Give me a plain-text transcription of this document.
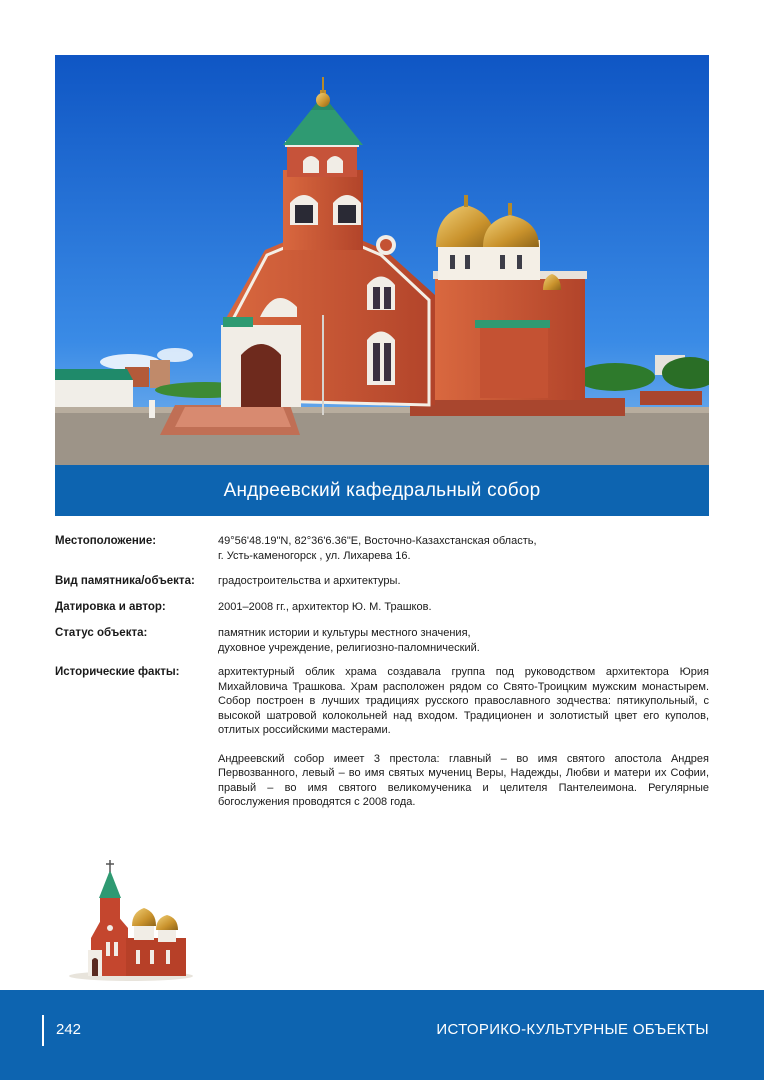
Андреевский кафедральный собор
Местоположение:	49°56'48.19"N, 82°36'6.36"E, Восточно-Казахстанская область,
г. Усть-каменогорск , ул. Лихарева 16.
Вид памятника/объекта:	градостроительства и архитектуры.
Датировка и автор:	2001–2008 гг., архитектор Ю. М. Трашков.
Статус объекта:	памятник истории и культуры местного значения,
духовное учреждение, религиозно-паломнический.
Исторические факты:	архитектурный облик храма создавала группа под руководством архитектора Юрия Михайловича Трашкова. Храм расположен рядом со Свято-Троицким мужским монастырем. Собор построен в лучших традициях русского православного зодчества: пятикупольный, с высокой шатровой колокольней над входом. Традиционен и золотистый цвет его куполов, отлитых российскими мастерами.

Андреевский собор имеет 3 престола: главный – во имя святого апостола Андрея Первозванного, левый – во имя святых мучениц Веры, Надежды, Любви и матери их Софии, правый – во имя святого великомученика и целителя Пантелеимона. Регулярные богослужения проводятся с 2008 года.

242	ИСТОРИКО-КУЛЬТУРНЫЕ ОБЪЕКТЫ
